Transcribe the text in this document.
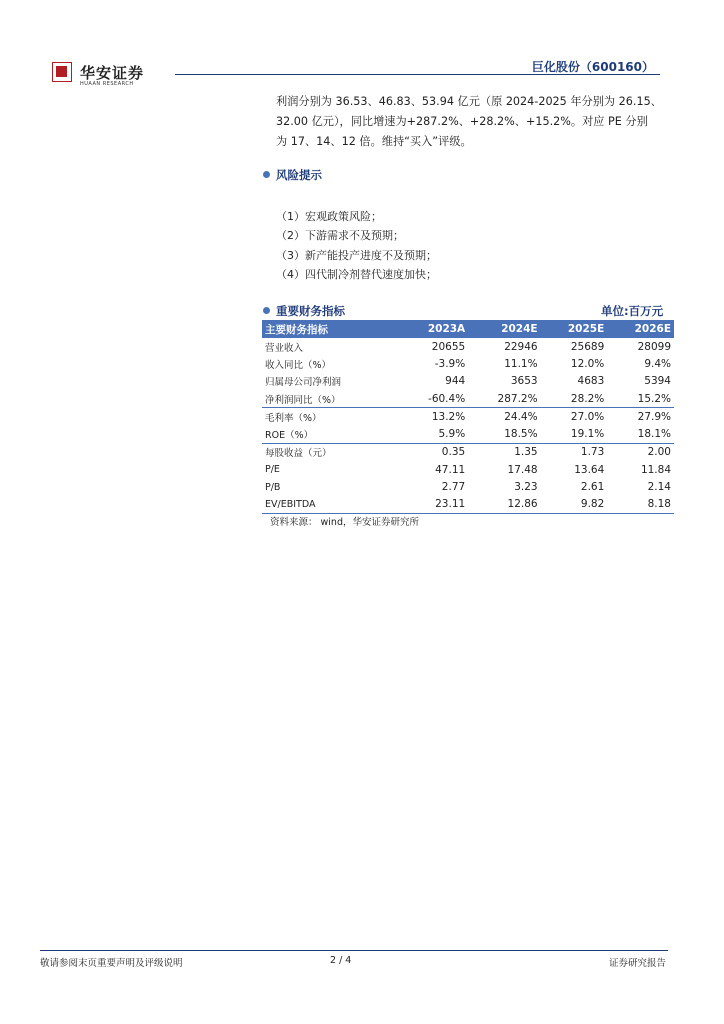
华安证券
HUAAN RESEARCH
巨化股份（600160）
利润分别为 36.53、46.83、53.94 亿元（原 2024-2025 年分别为 26.15、
32.00 亿元），同比增速为+287.2%、+28.2%、+15.2%。对应 PE 分别
为 17、14、12 倍。维持“买入”评级。
风险提示
（1）宏观政策风险；
（2）下游需求不及预期；
（3）新产能投产进度不及预期；
（4）四代制冷剂替代速度加快；
重要财务指标	单位:百万元
主要财务指标	2023A	2024E	2025E	2026E
营业收入	20655	22946	25689	28099
收入同比（%）	-3.9%	11.1%	12.0%	9.4%
归属母公司净利润	944	3653	4683	5394
净利润同比（%）	-60.4%	287.2%	28.2%	15.2%
毛利率（%）	13.2%	24.4%	27.0%	27.9%
ROE（%）	5.9%	18.5%	19.1%	18.1%
每股收益（元）	0.35	1.35	1.73	2.00
P/E	47.11	17.48	13.64	11.84
P/B	2.77	3.23	2.61	2.14
EV/EBITDA	23.11	12.86	9.82	8.18
资料来源： wind，华安证券研究所
敬请参阅末页重要声明及评级说明	2 / 4	证券研究报告
